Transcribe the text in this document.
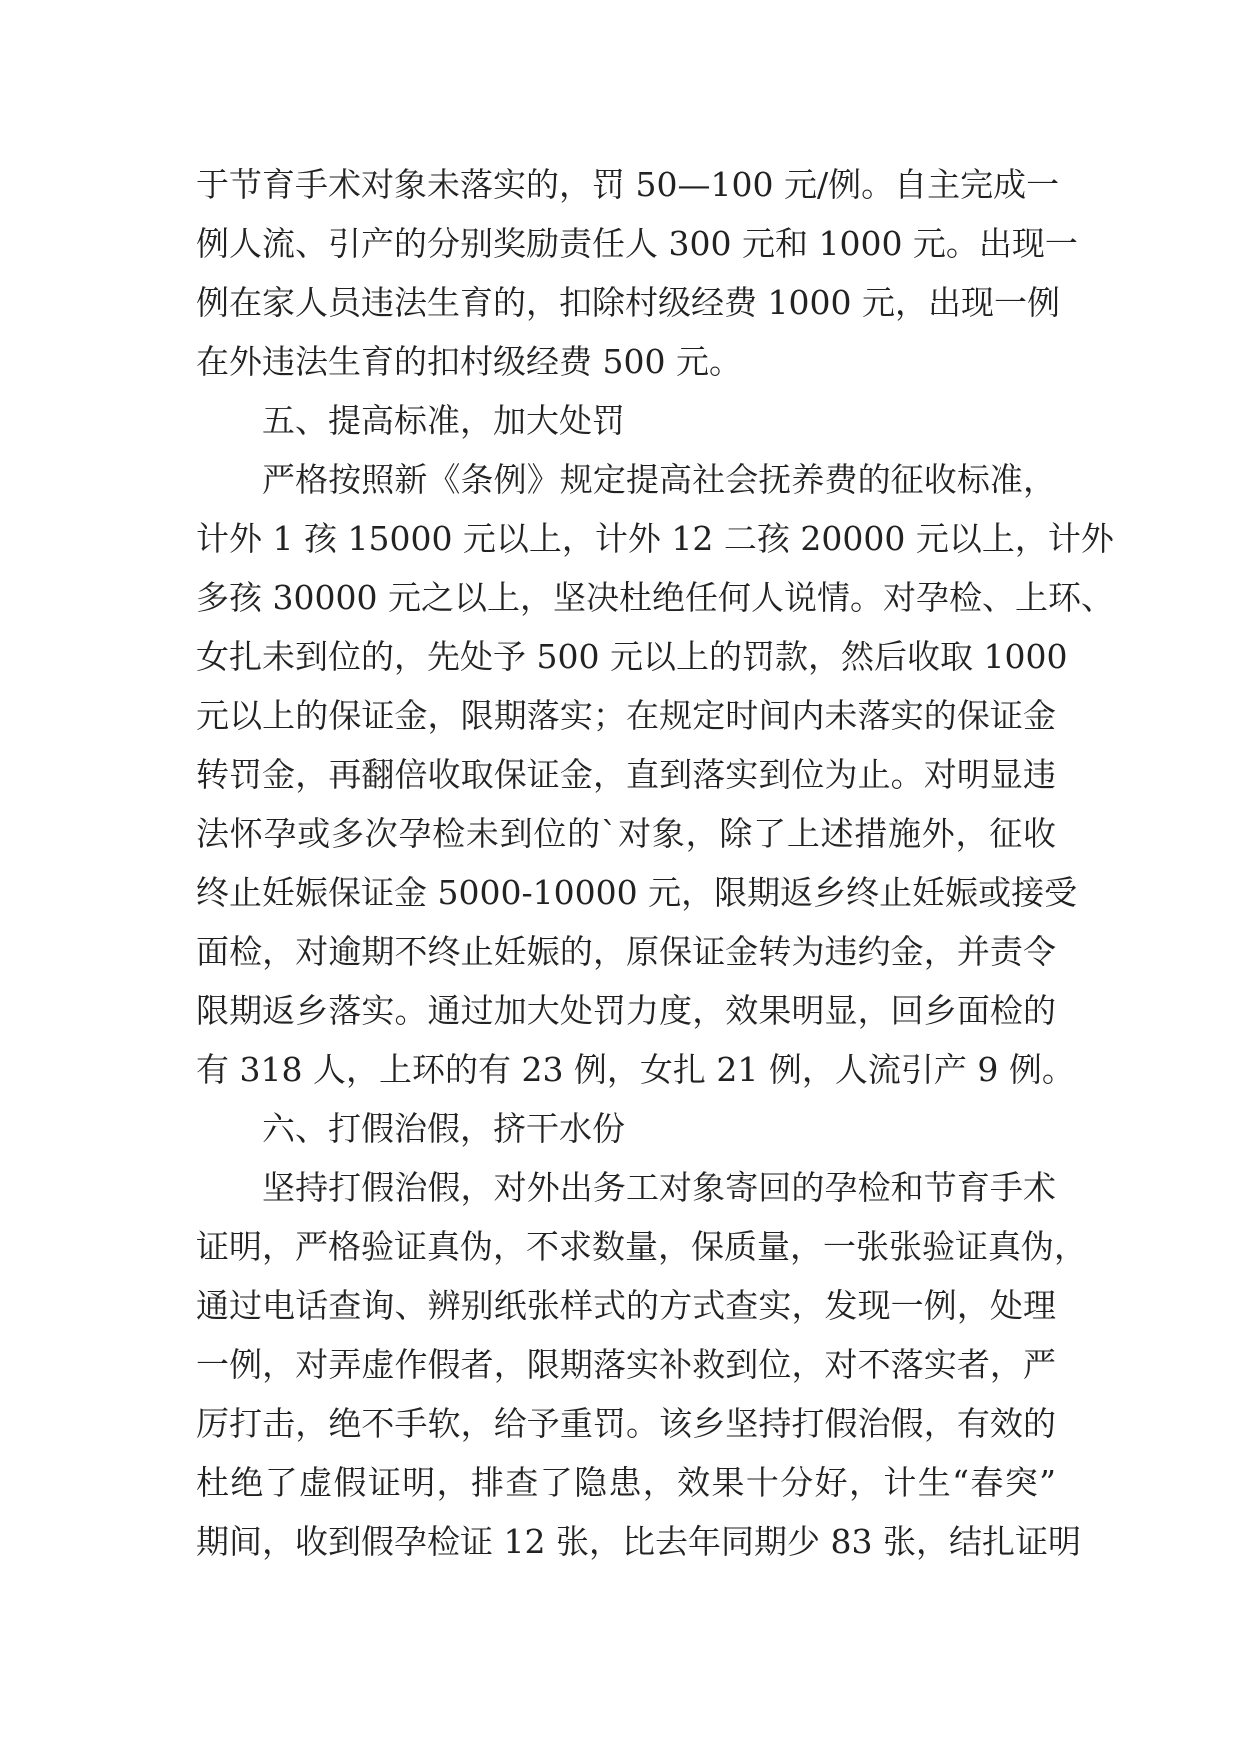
于节育手术对象未落实的，罚 50—100 元/例。自主完成一
例人流、引产的分别奖励责任人 300 元和 1000 元。出现一
例在家人员违法生育的，扣除村级经费 1000 元，出现一例
在外违法生育的扣村级经费 500 元。
五、提高标准，加大处罚
严格按照新《条例》规定提高社会抚养费的征收标准，
计外 1 孩 15000 元以上，计外 12 二孩 20000 元以上，计外
多孩 30000 元之以上，坚决杜绝任何人说情。对孕检、上环、
女扎未到位的，先处予 500 元以上的罚款，然后收取 1000
元以上的保证金，限期落实；在规定时间内未落实的保证金
转罚金，再翻倍收取保证金，直到落实到位为止。对明显违
法怀孕或多次孕检未到位的`对象，除了上述措施外，征收
终止妊娠保证金 5000-10000 元，限期返乡终止妊娠或接受
面检，对逾期不终止妊娠的，原保证金转为违约金，并责令
限期返乡落实。通过加大处罚力度，效果明显，回乡面检的
有 318 人，上环的有 23 例，女扎 21 例，人流引产 9 例。
六、打假治假，挤干水份
坚持打假治假，对外出务工对象寄回的孕检和节育手术
证明，严格验证真伪，不求数量，保质量，一张张验证真伪，
通过电话查询、辨别纸张样式的方式查实，发现一例，处理
一例，对弄虚作假者，限期落实补救到位，对不落实者，严
厉打击，绝不手软，给予重罚。该乡坚持打假治假，有效的
杜绝了虚假证明，排查了隐患，效果十分好，计生“春突”
期间，收到假孕检证 12 张，比去年同期少 83 张，结扎证明
